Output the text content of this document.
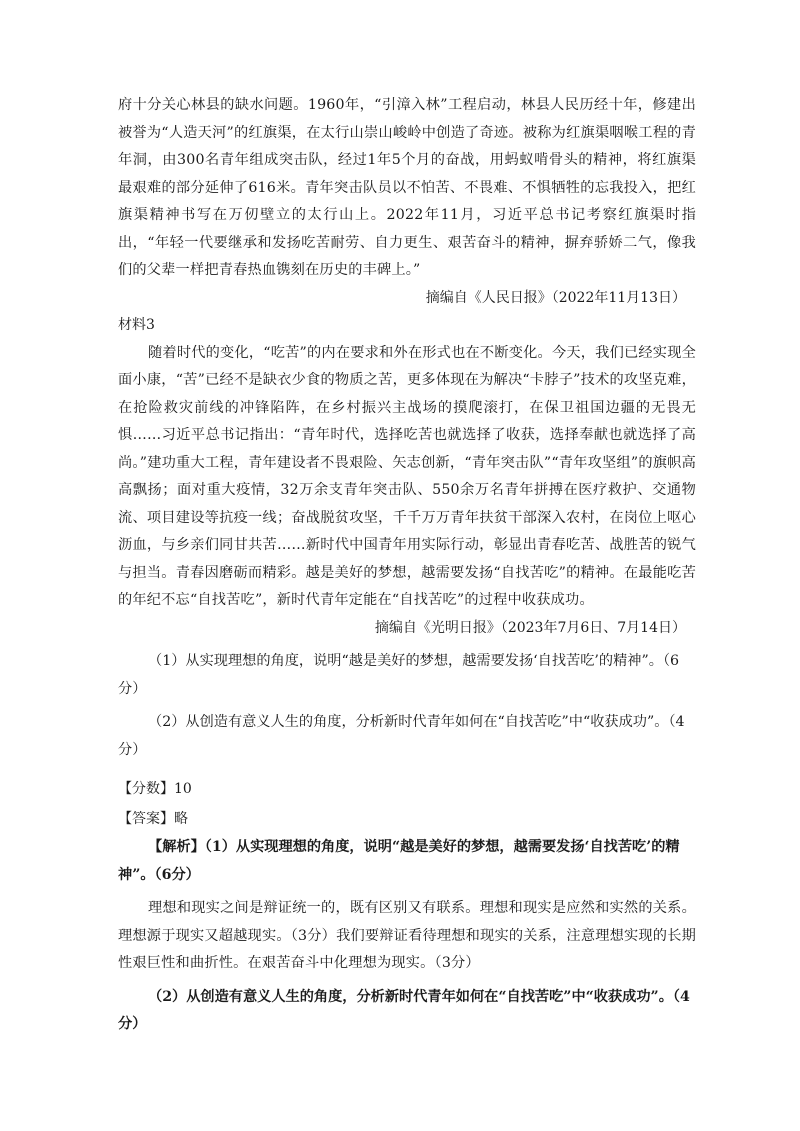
府十分关心林县的缺水问题。1960年，“引漳入林”工程启动，林县人民历经十年，修建出被誉为“人造天河”的红旗渠，在太行山崇山峻岭中创造了奇迹。被称为红旗渠咽喉工程的青年洞，由300名青年组成突击队，经过1年5个月的奋战，用蚂蚁啃骨头的精神，将红旗渠最艰难的部分延伸了616米。青年突击队员以不怕苦、不畏难、不惧牺牲的忘我投入，把红旗渠精神书写在万仞壁立的太行山上。2022年11月，习近平总书记考察红旗渠时指出，“年轻一代要继承和发扬吃苦耐劳、自力更生、艰苦奋斗的精神，摒弃骄娇二气，像我们的父辈一样把青春热血镌刻在历史的丰碑上。”

摘编自《人民日报》（2022年11月13日）

材料3

随着时代的变化，“吃苦”的内在要求和外在形式也在不断变化。今天，我们已经实现全面小康，“苦”已经不是缺衣少食的物质之苦，更多体现在为解决“卡脖子”技术的攻坚克难，在抢险救灾前线的冲锋陷阵，在乡村振兴主战场的摸爬滚打，在保卫祖国边疆的无畏无惧……习近平总书记指出：“青年时代，选择吃苦也就选择了收获，选择奉献也就选择了高尚。”建功重大工程，青年建设者不畏艰险、矢志创新，“青年突击队”“青年攻坚组”的旗帜高高飘扬；面对重大疫情，32万余支青年突击队、550余万名青年拼搏在医疗救护、交通物流、项目建设等抗疫一线；奋战脱贫攻坚，千千万万青年扶贫干部深入农村，在岗位上呕心沥血，与乡亲们同甘共苦……新时代中国青年用实际行动，彰显出青春吃苦、战胜苦的锐气与担当。青春因磨砺而精彩。越是美好的梦想，越需要发扬“自找苦吃”的精神。在最能吃苦的年纪不忘“自找苦吃”，新时代青年定能在“自找苦吃”的过程中收获成功。

摘编自《光明日报》（2023年7月6日、7月14日）

（1）从实现理想的角度，说明“越是美好的梦想，越需要发扬‘自找苦吃’的精神”。（6分）

（2）从创造有意义人生的角度，分析新时代青年如何在“自找苦吃”中“收获成功”。（4分）

【分数】10

【答案】略

【解析】（1）从实现理想的角度，说明“越是美好的梦想，越需要发扬‘自找苦吃’的精神”。（6分）

理想和现实之间是辩证统一的，既有区别又有联系。理想和现实是应然和实然的关系。理想源于现实又超越现实。（3分）我们要辩证看待理想和现实的关系，注意理想实现的长期性艰巨性和曲折性。在艰苦奋斗中化理想为现实。（3分）

（2）从创造有意义人生的角度，分析新时代青年如何在“自找苦吃”中“收获成功”。（4分）
